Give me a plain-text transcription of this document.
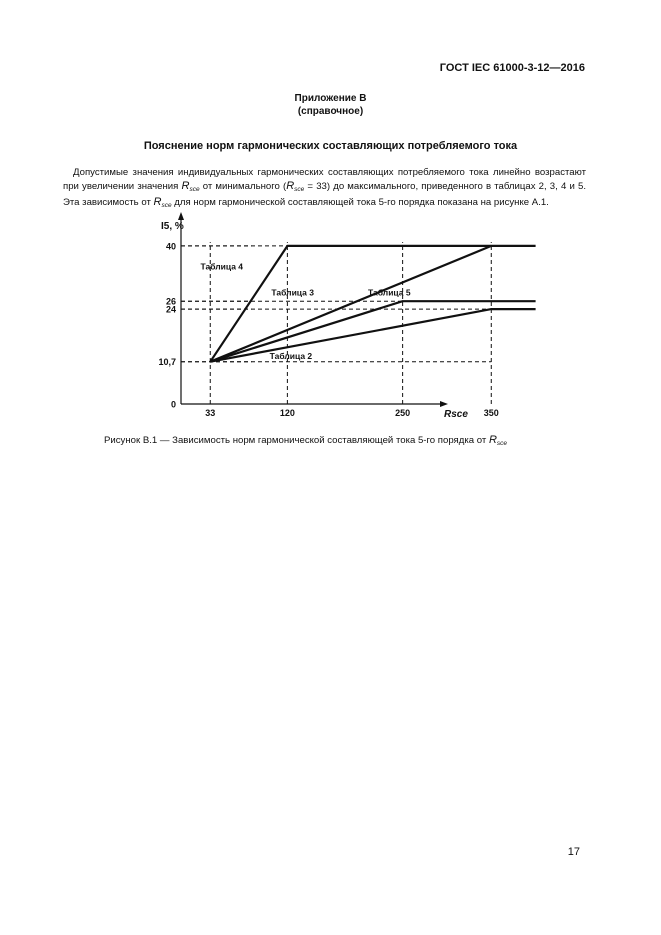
ГОСТ IEC 61000-3-12—2016
Приложение В
(справочное)
Пояснение норм гармонических составляющих потребляемого тока

Допустимые значения индивидуальных гармонических составляющих потребляемого тока линейно возрастают при увеличении значения $R_{sce}$ от минимального $(R_{sce} = 33)$ до максимального, приведенного в таблицах 2, 3, 4 и 5. Эта зависимость от $R_{sce}$ для норм гармонической составляющей тока 5-го порядка показана на рисунке А.1.

0
10,7
24
26
40
33	120	250	350
I5, %
Rsce
Таблица 4
Таблица 3	Таблица 5
Таблица 2
Рисунок В.1 — Зависимость норм гармонической составляющей тока 5-го порядка от $R_{sce}$
17
